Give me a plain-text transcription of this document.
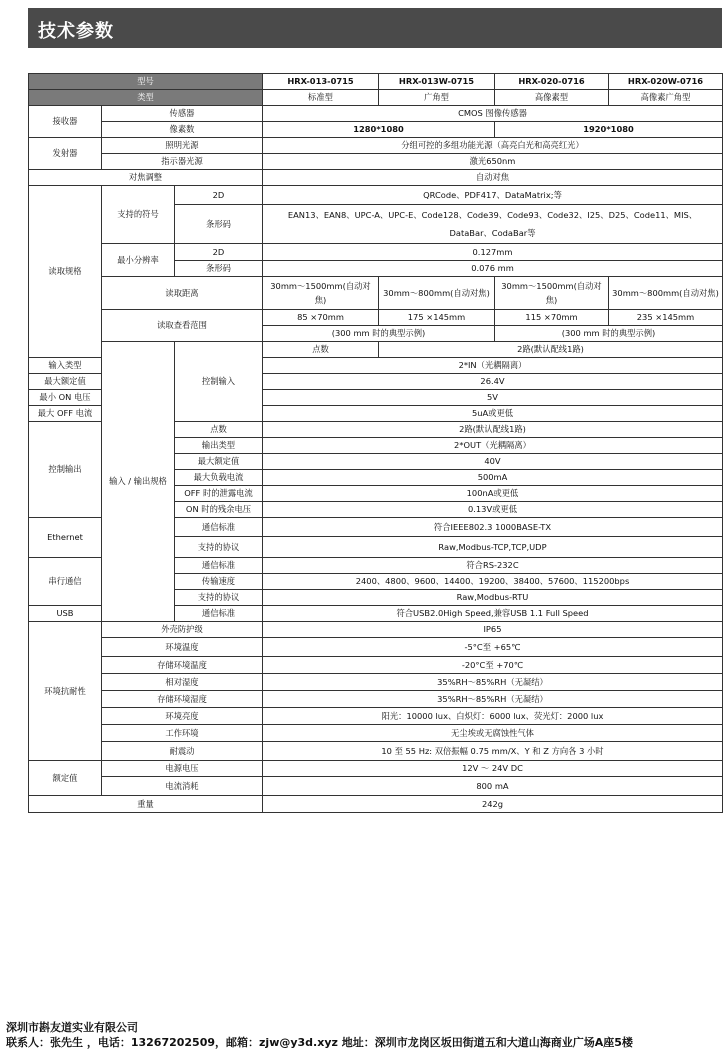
技术参数
型号			HRX-013-0715	HRX-013W-0715	HRX-020-0716	HRX-020W-0716
类型			标准型	广角型	高像素型	高像素广角型
接收器	传感器		CMOS 图像传感器			
	像素数		1280*1080		1920*1080	
发射器	照明光源		分组可控的多组功能光源（高亮白光和高亮红光）			
	指示器光源		激光650nm			
对焦调整			自动对焦			
读取规格	支持的符号	2D	QRCode、PDF417、DataMatrix;等			
		条形码	EAN13、EAN8、UPC-A、UPC-E、Code128、Code39、Code93、Code32、I25、D25、Code11、MIS、
DataBar、CodaBar等			

	最小分辨率	2D	0.127mm			
		条形码	0.076 mm			
	读取距离		30mm～1500mm(自动对焦)	30mm～800mm(自动对焦)	30mm～1500mm(自动对焦)	30mm～800mm(自动对焦)
	读取查看范围		85 ×70mm	175 ×145mm	115 ×70mm	235 ×145mm
			(300 mm 时的典型示例)		(300 mm 时的典型示例)	
	输入 / 输出规格	控制输入	点数	2路(默认配线1路)		
输入类型			2*IN（光耦隔离）			
最大额定值			26.4V			
最小 ON 电压			5V			
最大 OFF 电流			5uA或更低			
控制输出		点数	2路(默认配线1路)			
		输出类型	2*OUT（光耦隔离）			
		最大额定值	40V			
		最大负载电流	500mA			
		OFF 时的泄露电流	100nA或更低			
		ON 时的残余电压	0.13V或更低			
Ethernet		通信标准	符合IEEE802.3 1000BASE-TX			
		支持的协议	Raw,Modbus-TCP,TCP,UDP			
串行通信		通信标准	符合RS-232C			
		传输速度	2400、4800、9600、14400、19200、38400、57600、115200bps			
		支持的协议	Raw,Modbus-RTU			
USB		通信标准	符合USB2.0High Speed,兼容USB 1.1 Full Speed			
环境抗耐性	外壳防护级		IP65			
	环境温度		-5°C至 +65℃			
	存储环境温度		-20°C至 +70℃			
	相对湿度		35%RH～85%RH（无凝结）			
	存储环境湿度		35%RH～85%RH（无凝结）			
	环境亮度		阳光：10000 lux、白炽灯：6000 lux、荧光灯：2000 lux			
	工作环境		无尘埃或无腐蚀性气体			
	耐震动		10 至 55 Hz: 双倍振幅 0.75 mm/X、Y 和 Z 方向各 3 小时			
额定值	电源电压		12V ～ 24V DC			
	电流消耗		800 mA			
重量			242g			
深圳市斟友道实业有限公司
联系人：张先生 ，电话：13267202509，邮箱：zjw@y3d.xyz 地址：深圳市龙岗区坂田街道五和大道山海商业广场A座5楼
